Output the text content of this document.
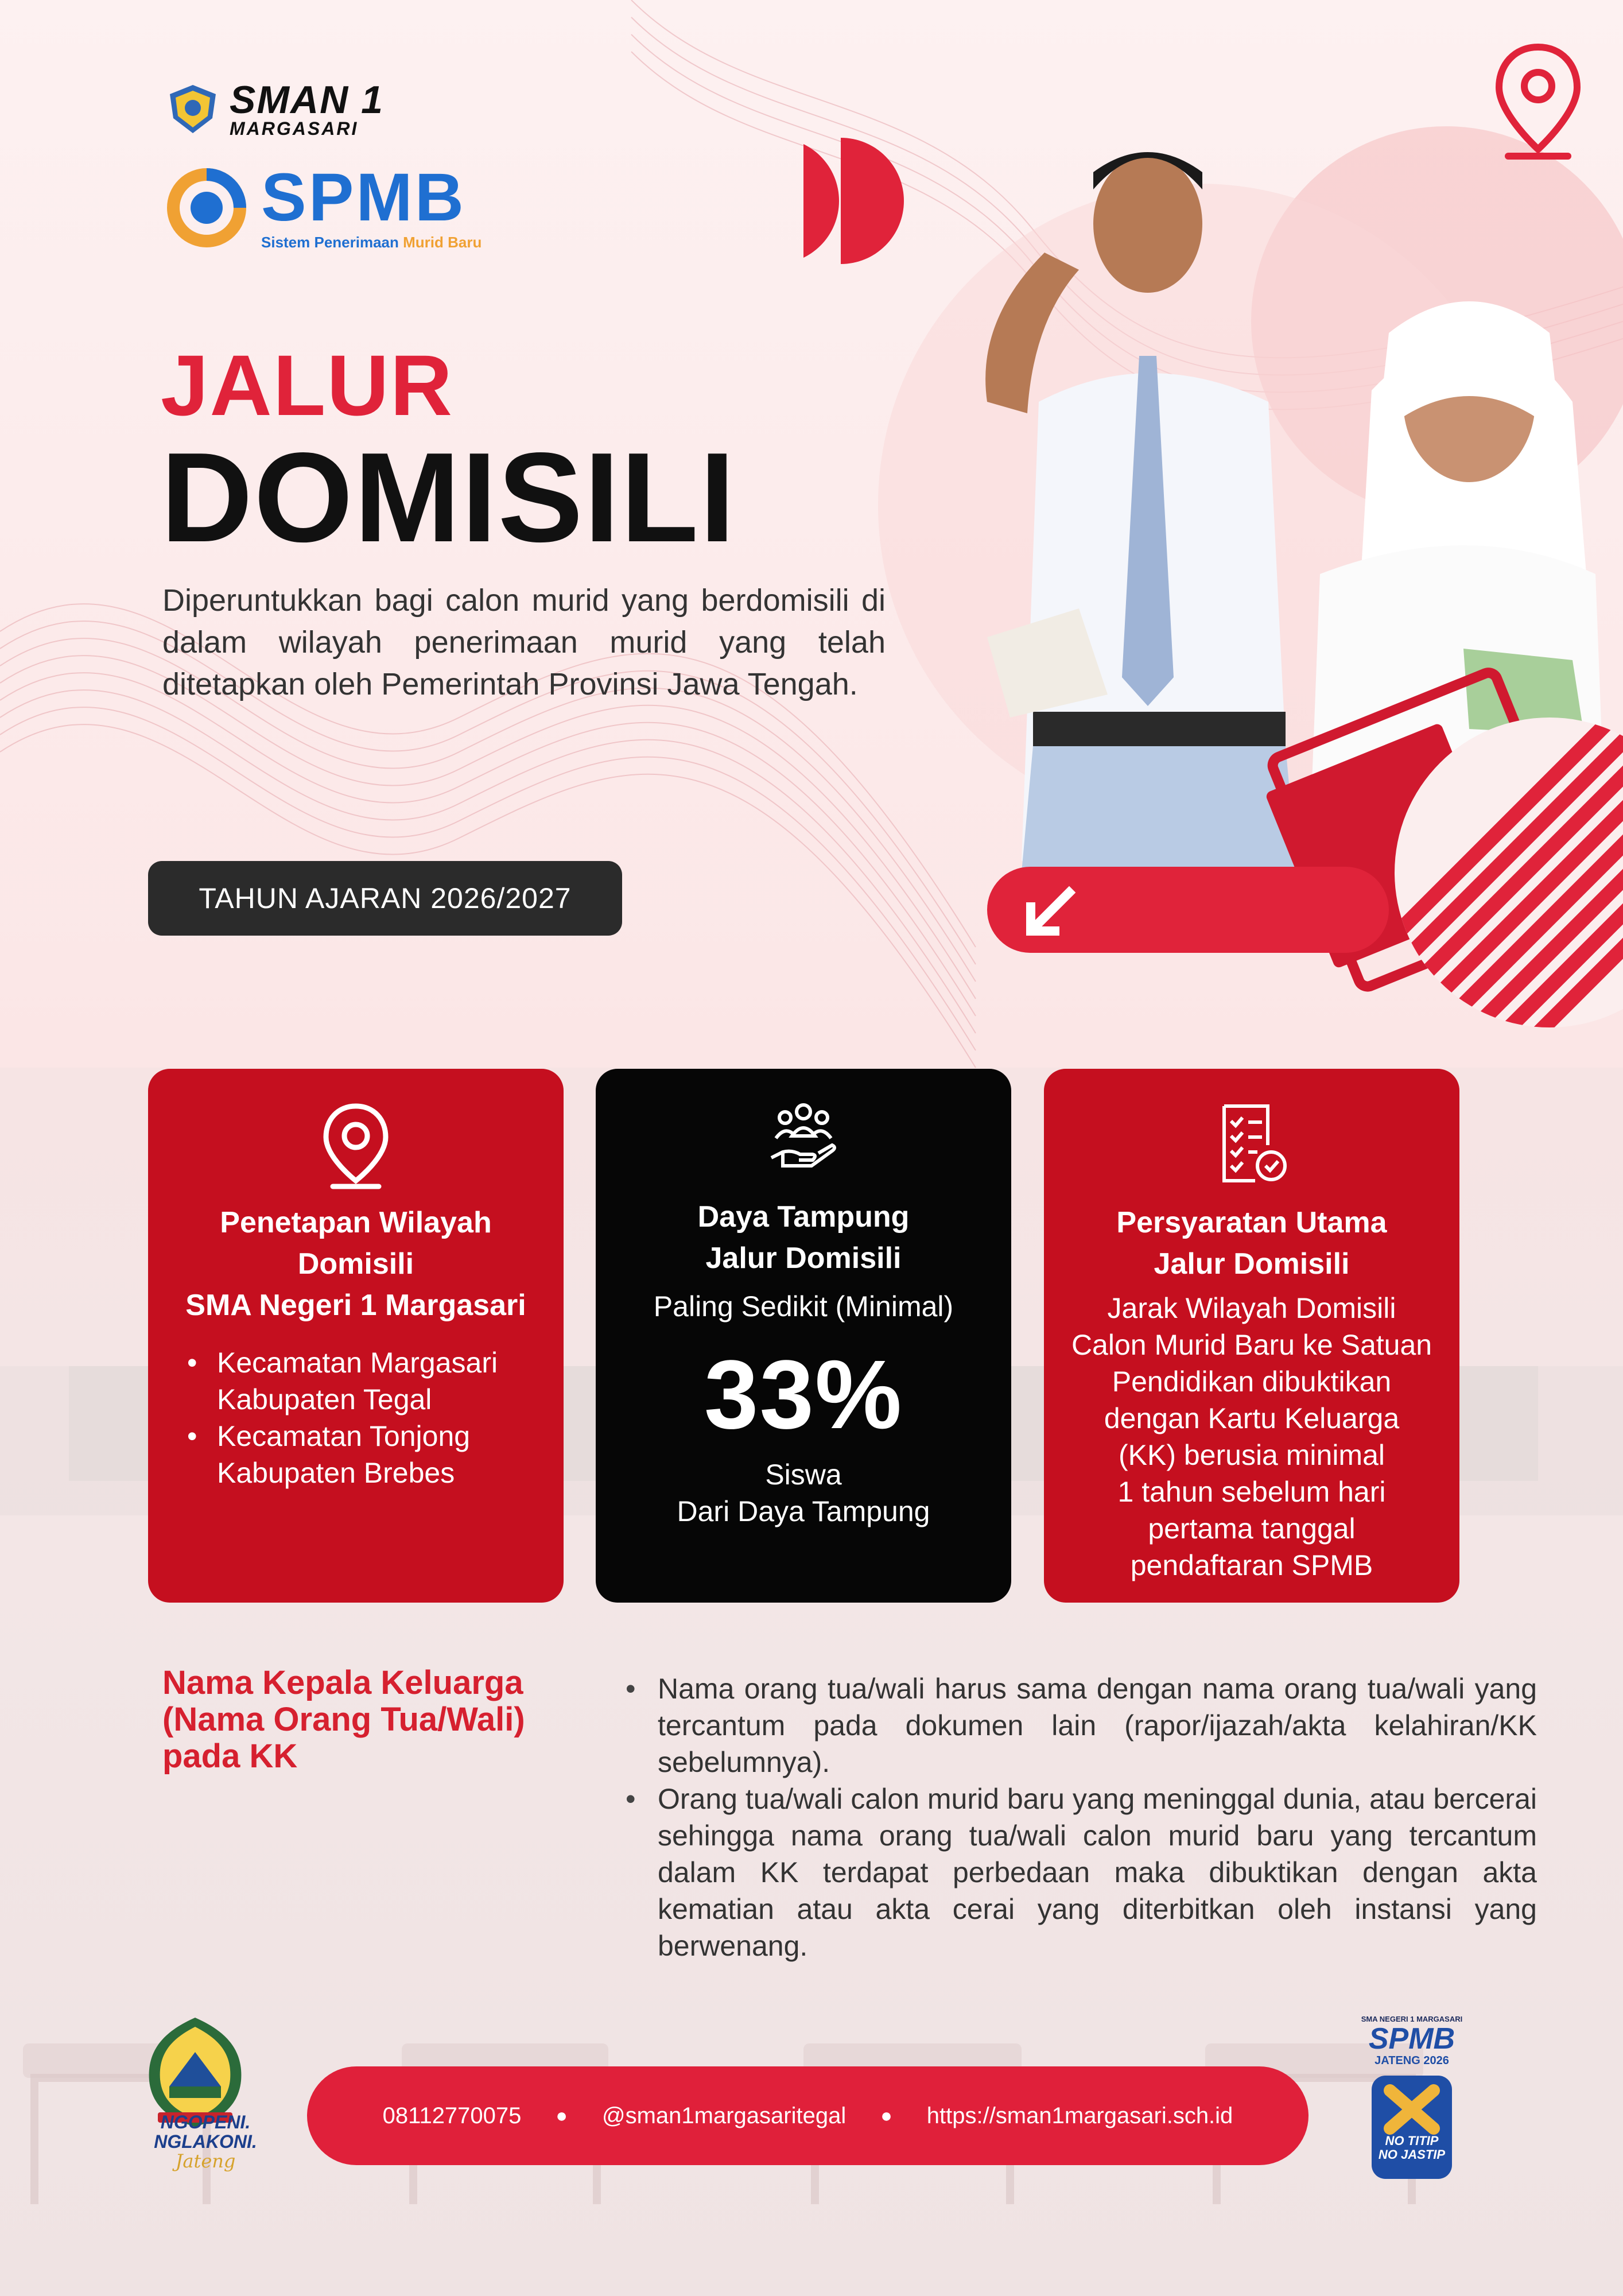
SMAN 1
MARGASARI
SPMB
Sistem Penerimaan Murid Baru
JALUR
DOMISILI

Diperuntukkan bagi calon murid yang berdomisili di dalam wilayah penerimaan murid yang telah ditetapkan oleh Pemerintah Provinsi Jawa Tengah.

TAHUN AJARAN 2026/2027
Penetapan Wilayah
Domisili
SMA Negeri 1 Margasari
• Kecamatan Margasari
Kabupaten Tegal
• Kecamatan Tonjong
Kabupaten Brebes
Daya Tampung
Jalur Domisili
Paling Sedikit (Minimal)
33%
Siswa
Dari Daya Tampung
Persyaratan Utama
Jalur Domisili
Jarak Wilayah Domisili
Calon Murid Baru ke Satuan
Pendidikan dibuktikan
dengan Kartu Keluarga
(KK) berusia minimal
1 tahun sebelum hari
pertama tanggal
pendaftaran SPMB
Nama Kepala Keluarga
(Nama Orang Tua/Wali)
pada KK
• Nama orang tua/wali harus sama dengan nama orang tua/wali yang tercantum pada dokumen lain (rapor/ijazah/akta kelahiran/KK sebelumnya).
• Orang tua/wali calon murid baru yang meninggal dunia, atau bercerai sehingga nama orang tua/wali calon murid baru yang tercantum dalam KK terdapat perbedaan maka dibuktikan dengan akta kematian atau akta cerai yang diterbitkan oleh instansi yang berwenang.
NGOPENI.
NGLAKONI.
Jateng
08112770075 ● @sman1margasaritegal ● https://sman1margasari.sch.id
SMA NEGERI 1 MARGASARI
SPMB
JATENG 2026
NO TITIP
NO JASTIP
